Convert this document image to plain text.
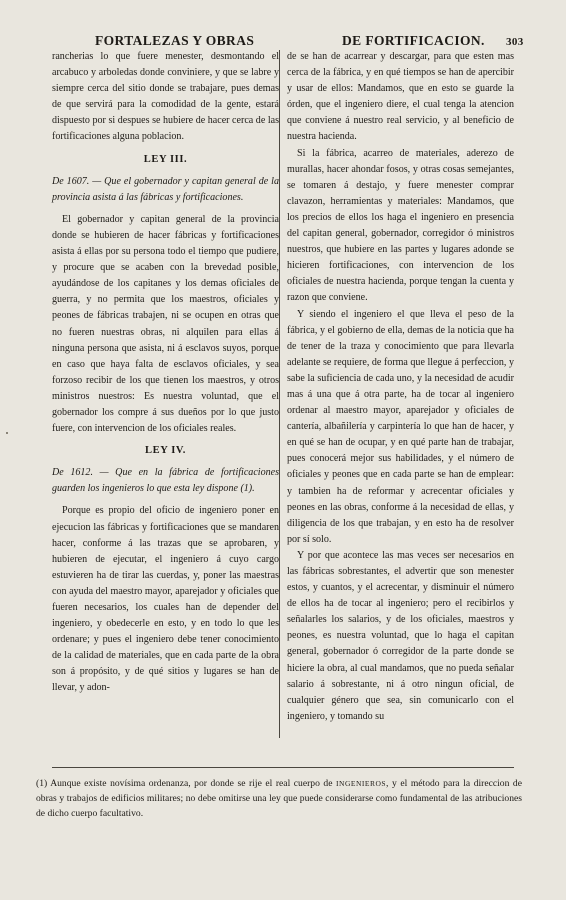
FORTALEZAS Y OBRAS	DE FORTIFICACION. 303

rancherias lo que fuere menester, desmontando el arcabuco y arboledas donde conviniere, y que se labre y siempre cerca del sitio donde se trabajare, pues demas de que servirá para la comodidad de la gente, estará dispuesto por si despues se hubiere de hacer cerca de las fortificaciones alguna poblacion.

LEY III.

De 1607. — Que el gobernador y capitan general de la provincia asista á las fábricas y fortificaciones.

El gobernador y capitan general de la provincia donde se hubieren de hacer fábricas y fortificaciones asista á ellas por su persona todo el tiempo que pudiere, y procure que se acaben con la brevedad posible, ayudándose de los capitanes y los demas oficiales de guerra, y no permita que los maestros, oficiales y peones de fábricas trabajen, ni se ocupen en otras que no fueren nuestras obras, ni alquilen para ellas á ninguna persona que asista, ni á esclavos suyos, porque en caso que haya falta de esclavos oficiales, y sea forzoso recibir de los que tienen los maestros, y otros ministros nuestros: Es nuestra voluntad, que el gobernador los compre á sus dueños por lo que justo fuere, con intervencion de los oficiales reales.

LEY IV.

De 1612. — Que en la fábrica de fortificaciones guarden los ingenieros lo que esta ley dispone (1).

Porque es propio del oficio de ingeniero poner en ejecucion las fábricas y fortificaciones que se mandaren hacer, conforme á las trazas que se aprobaren, y hubieren de ejecutar, el ingeniero á cuyo cargo estuvieren ha de tirar las cuerdas, y, poner las maestras con ayuda del maestro mayor, aparejador y oficiales que fueren necesarios, los cuales han de depender del ingeniero, y obedecerle en esto, y en todo lo que les ordenare; y pues el ingeniero debe tener conocimiento de la calidad de materiales, que en cada parte de la obra son á propósito, y de qué sitios y lugares se han de llevar, y adon-

de se han de acarrear y descargar, para que esten mas cerca de la fábrica, y en qué tiempos se han de apercibir y usar de ellos: Mandamos, que en esto se guarde la órden, que el ingeniero diere, el cual tenga la atencion que conviene á nuestro real servicio, y al beneficio de nuestra hacienda.

Si la fábrica, acarreo de materiales, aderezo de murallas, hacer ahondar fosos, y otras cosas semejantes, se tomaren á destajo, y fuere menester comprar clavazon, herramientas y materiales: Mandamos, que los precios de ellos los haga el ingeniero en presencia del capitan general, gobernador, corregidor ó ministros nuestros, que hubiere en las partes y lugares adonde se hicieren fortificaciones, con intervencion de los oficiales de nuestra hacienda, porque tengan la cuenta y razon que conviene.

Y siendo el ingeniero el que lleva el peso de la fábrica, y el gobierno de ella, demas de la noticia que ha de tener de la traza y conocimiento que para llevarla adelante se requiere, de forma que llegue á perfeccion, y sabe la suficiencia de cada uno, y la necesidad de acudir mas á una que á otra parte, ha de tocar al ingeniero ordenar al maestro mayor, aparejador y oficiales de cantería, albañilería y carpintería lo que han de hacer, y en qué se han de ocupar, y en qué parte han de trabajar, pues conocerá mejor sus habilidades, y el número de oficiales y peones que en cada parte se han de emplear: y tambien ha de reformar y acrecentar oficiales y peones en las obras, conforme á la necesidad de ellas, y diligencia de los que trabajan, y en esto ha de resolver por sí solo.

Y por que acontece las mas veces ser necesarios en las fábricas sobrestantes, el advertir que son menester estos, y cuantos, y el acrecentar, y disminuir el número de ellos ha de tocar al ingeniero; pero el recibirlos y señalarles los salarios, y de los oficiales, maestros y peones, es nuestra voluntad, que lo haga el capitan general, gobernador ó corregidor de la parte donde se hiciere la obra, al cual mandamos, que no pueda señalar salario á sobrestante, ni á otro ningun oficial, de cualquier género que sea, sin comunicarlo con el ingeniero, y tomando su

(1) Aunque existe novísima ordenanza, por donde se rije el real cuerpo de INGENIEROS, y el método para la direccion de obras y trabajos de edificios militares; no debe omitirse una ley que puede considerarse como fundamental de las atribuciones de dicho cuerpo facultativo.
